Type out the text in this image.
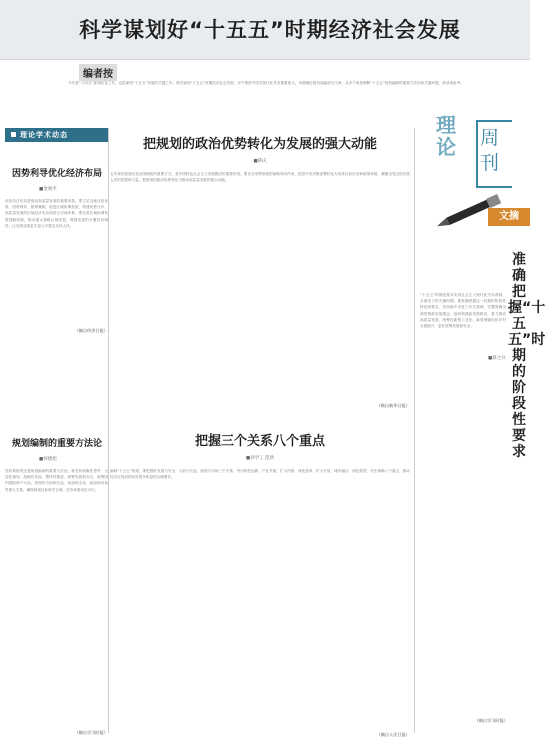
科学谋划好“十五五”时期经济社会发展
编者按
今年是“十四五”规划收官之年，也是谋划“十五五”发展的关键之年。科学谋划“十五五”时期经济社会发展，对于推进中国式现代化具有重要意义。本期理论周刊选编部分文章，从多个角度阐释“十五五”规划编制的重要方法论和关键问题，供读者参考。
理论学术动态
因势利导优化经济布局
■金观平
优化经济布局是推动高质量发展的重要举措。要立足各地比较优势，因势利导、统筹兼顾，促进区域协调发展，构建优势互补、高质量发展的区域经济布局和国土空间体系。要完善区域协调发展战略机制，推动重大战略区域发展，增强发展的平衡性协调性，让发展成果更多更公平惠及全体人民。
（摘自经济日报）
规划编制的重要方法论
■何德旭
坚持系统观念是规划编制的重要方法论。要坚持前瞻性思考、全局性谋划、战略性布局、整体性推进，统筹发展和安全，统筹国内国际两个大局，处理好当前和长远、局部和全局、政府和市场等重大关系，确保规划目标科学合理、任务举措切实可行。
（摘自学习时报）
把规划的政治优势转化为发展的强大动能
■韩庆
五年规划是我们党治国理政的重要方式，是中国特色社会主义发展模式的重要体现。要充分发挥规划的战略导向作用，把党中央决策部署转化为具体目标任务和政策举措，凝聚全党全国各族人民的智慧和力量，把规划的政治优势转化为推动高质量发展的强大动能。
（摘自新华日报）
把握三个关系八个重点
■孙学工 范欣
编制“十五五”规划，要把握好发展与安全、当前与长远、政府与市场三个关系，突出科技创新、产业升级、扩大内需、深化改革、扩大开放、城乡融合、绿色转型、民生保障八个重点，推动经济实现质的有效提升和量的合理增长。
（摘自人民日报）
理
论	周
刊
文摘
准确把握“十五五”时期的阶段性要求
■蔡之兵
“十五五”时期是基本实现社会主义现代化夯实基础、全面发力的关键时期。要准确把握这一时期的阶段性特征和要求，坚持稳中求进工作总基调，完整准确全面贯彻新发展理念，加快构建新发展格局，着力推动高质量发展，统筹好新型工业化、新型城镇化和乡村全面振兴，更好统筹发展和安全。
（摘自学习时报）
